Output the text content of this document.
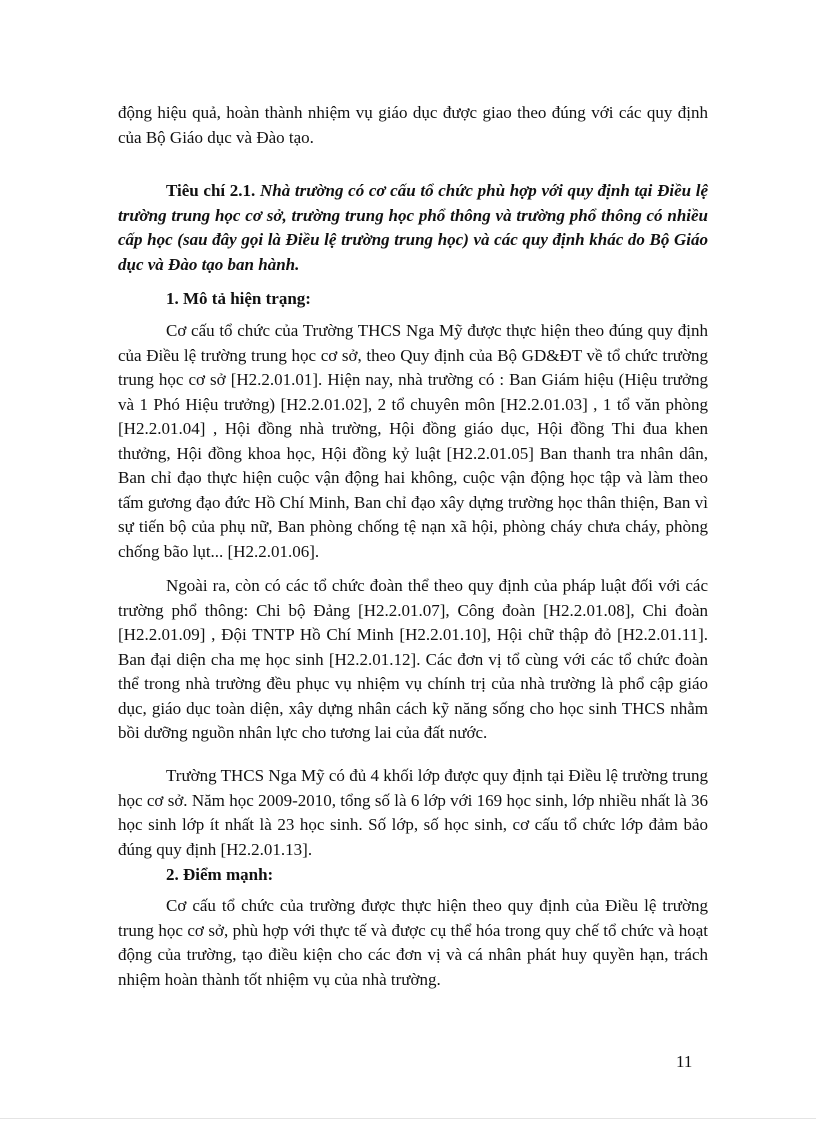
động hiệu quả, hoàn thành nhiệm vụ giáo dục được giao theo đúng với các quy định của Bộ Giáo dục và Đào tạo.

Tiêu chí 2.1. Nhà trường có cơ cấu tổ chức phù hợp với quy định tại Điều lệ trường trung học cơ sở, trường trung học phổ thông và trường phổ thông có nhiều cấp học (sau đây gọi là Điều lệ trường trung học) và các quy định khác do Bộ Giáo dục và Đào tạo ban hành.

1. Mô tả hiện trạng:

Cơ cấu tổ chức của Trường THCS Nga Mỹ được thực hiện theo đúng quy định của Điều lệ trường trung học cơ sở, theo Quy định của Bộ GD&ĐT về tổ chức trường trung học cơ sở [H2.2.01.01]. Hiện nay, nhà trường có : Ban Giám hiệu (Hiệu trưởng và 1 Phó Hiệu trưởng) [H2.2.01.02], 2 tổ chuyên môn [H2.2.01.03] , 1 tổ văn phòng [H2.2.01.04] , Hội đồng nhà trường, Hội đồng giáo dục, Hội đồng Thi đua khen thưởng, Hội đồng khoa học, Hội đồng kỷ luật [H2.2.01.05] Ban thanh tra nhân dân, Ban chỉ đạo thực hiện cuộc vận động hai không, cuộc vận động học tập và làm theo tấm gương đạo đức Hồ Chí Minh, Ban chỉ đạo xây dựng trường học thân thiện, Ban vì sự tiến bộ của phụ nữ, Ban phòng chống tệ nạn xã hội, phòng cháy chưa cháy, phòng chống bão lụt... [H2.2.01.06].

Ngoài ra, còn có các tổ chức đoàn thể theo quy định của pháp luật đối với các trường phổ thông: Chi bộ Đảng [H2.2.01.07], Công đoàn [H2.2.01.08], Chi đoàn [H2.2.01.09] , Đội TNTP Hồ Chí Minh [H2.2.01.10], Hội chữ thập đỏ [H2.2.01.11]. Ban đại diện cha mẹ học sinh [H2.2.01.12]. Các đơn vị tổ cùng với các tổ chức đoàn thể trong nhà trường đều phục vụ nhiệm vụ chính trị của nhà trường là phổ cập giáo dục, giáo dục toàn diện, xây dựng nhân cách kỹ năng sống cho học sinh THCS nhằm bồi dưỡng nguồn nhân lực cho tương lai của đất nước.

Trường THCS Nga Mỹ có đủ 4 khối lớp được quy định tại Điều lệ trường trung học cơ sở. Năm học 2009-2010, tổng số là 6 lớp với 169 học sinh, lớp nhiều nhất là 36 học sinh lớp ít nhất là 23 học sinh. Số lớp, số học sinh, cơ cấu tổ chức lớp đảm bảo đúng quy định [H2.2.01.13].

2. Điểm mạnh:

Cơ cấu tổ chức của trường được thực hiện theo quy định của Điều lệ trường trung học cơ sở, phù hợp với thực tế và được cụ thể hóa trong quy chế tổ chức và hoạt động của trường, tạo điều kiện cho các đơn vị và cá nhân phát huy quyền hạn, trách nhiệm hoàn thành tốt nhiệm vụ của nhà trường.

11
